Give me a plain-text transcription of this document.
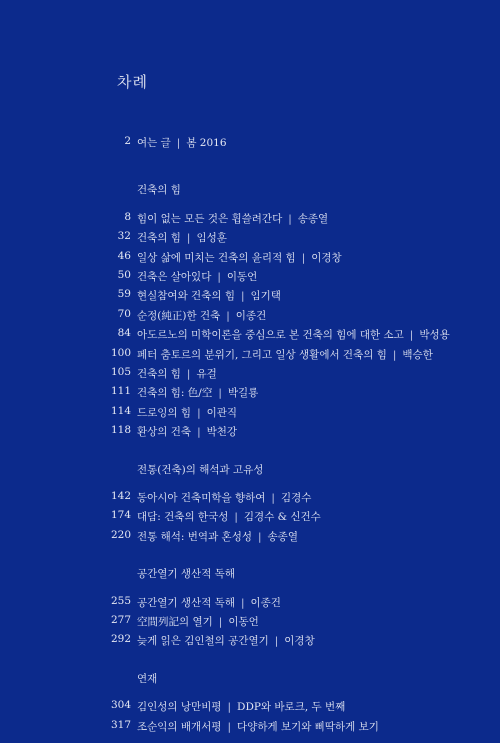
차례
2 여는 글 | 봄 2016
건축의 힘
8 힘이 없는 모든 것은 휩쓸려간다 | 송종열
32 건축의 힘 | 임성훈
46 일상 삶에 미치는 건축의 윤리적 힘 | 이경창
50 건축은 살아있다 | 이동언
59 현실참여와 건축의 힘 | 임기택
70 순정(純正)한 건축 | 이종건
84 아도르노의 미학이론을 중심으로 본 건축의 힘에 대한 소고 | 박성용
100 페터 춤토르의 분위기, 그리고 일상 생활에서 건축의 힘 | 백승한
105 건축의 힘 | 유걸
111 건축의 힘: 色/空 | 박길룡
114 드로잉의 힘 | 이관직
118 환상의 건축 | 박천강
전통(건축)의 해석과 고유성
142 동아시아 건축미학을 향하여 | 김경수
174 대담: 건축의 한국성 | 김경수 & 신건수
220 전통 해석: 번역과 혼성성 | 송종열
공간열기 생산적 독해
255 공간열기 생산적 독해 | 이종건
277 空間列記의 열기 | 이동언
292 늦게 읽은 김인철의 공간열기 | 이경창
연재
304 김인성의 낭만비평 | DDP와 바로크, 두 번째
317 조순익의 배개서평 | 다양하게 보기와 삐딱하게 보기
